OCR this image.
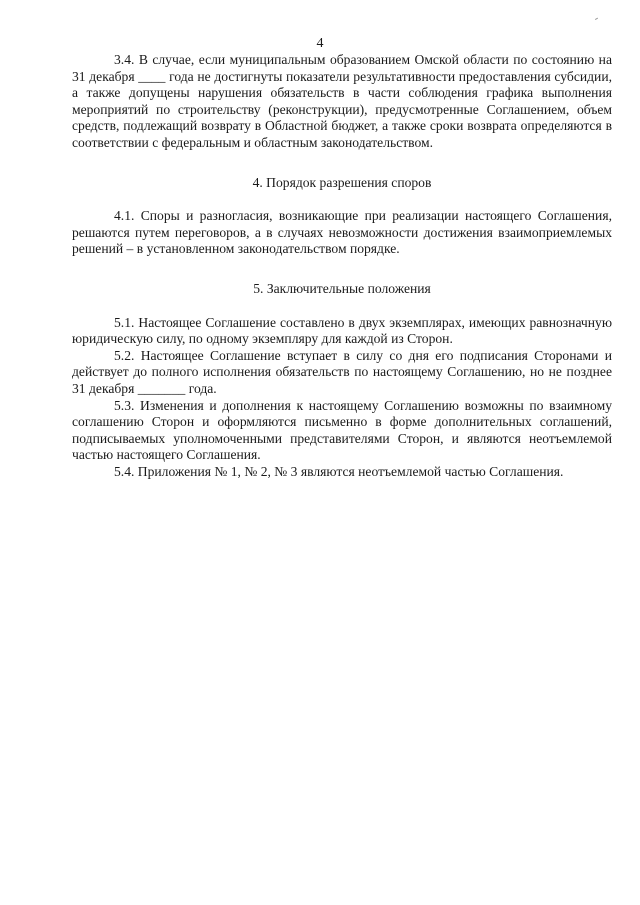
4

3.4. В случае, если муниципальным образованием Омской области по состоянию на 31 декабря ____ года не достигнуты показатели результативности предоставления субсидии, а также допущены нарушения обязательств в части соблюдения графика выполнения мероприятий по строительству (реконструкции), предусмотренные Соглашением, объем средств, подлежащий возврату в Областной бюджет, а также сроки возврата определяются в соответствии с федеральным и областным законодательством.

4. Порядок разрешения споров

4.1. Споры и разногласия, возникающие при реализации настоящего Соглашения, решаются путем переговоров, а в случаях невозможности достижения взаимоприемлемых решений – в установленном законодательством порядке.

5. Заключительные положения

5.1. Настоящее Соглашение составлено в двух экземплярах, имеющих равнозначную юридическую силу, по одному экземпляру для каждой из Сторон.

5.2. Настоящее Соглашение вступает в силу со дня его подписания Сторонами и действует до полного исполнения обязательств по настоящему Соглашению, но не позднее 31 декабря _______ года.

5.3. Изменения и дополнения к настоящему Соглашению возможны по взаимному соглашению Сторон и оформляются письменно в форме дополнительных соглашений, подписываемых уполномоченными представителями Сторон, и являются неотъемлемой частью настоящего Соглашения.

5.4. Приложения № 1, № 2, № 3 являются неотъемлемой частью Соглашения.
